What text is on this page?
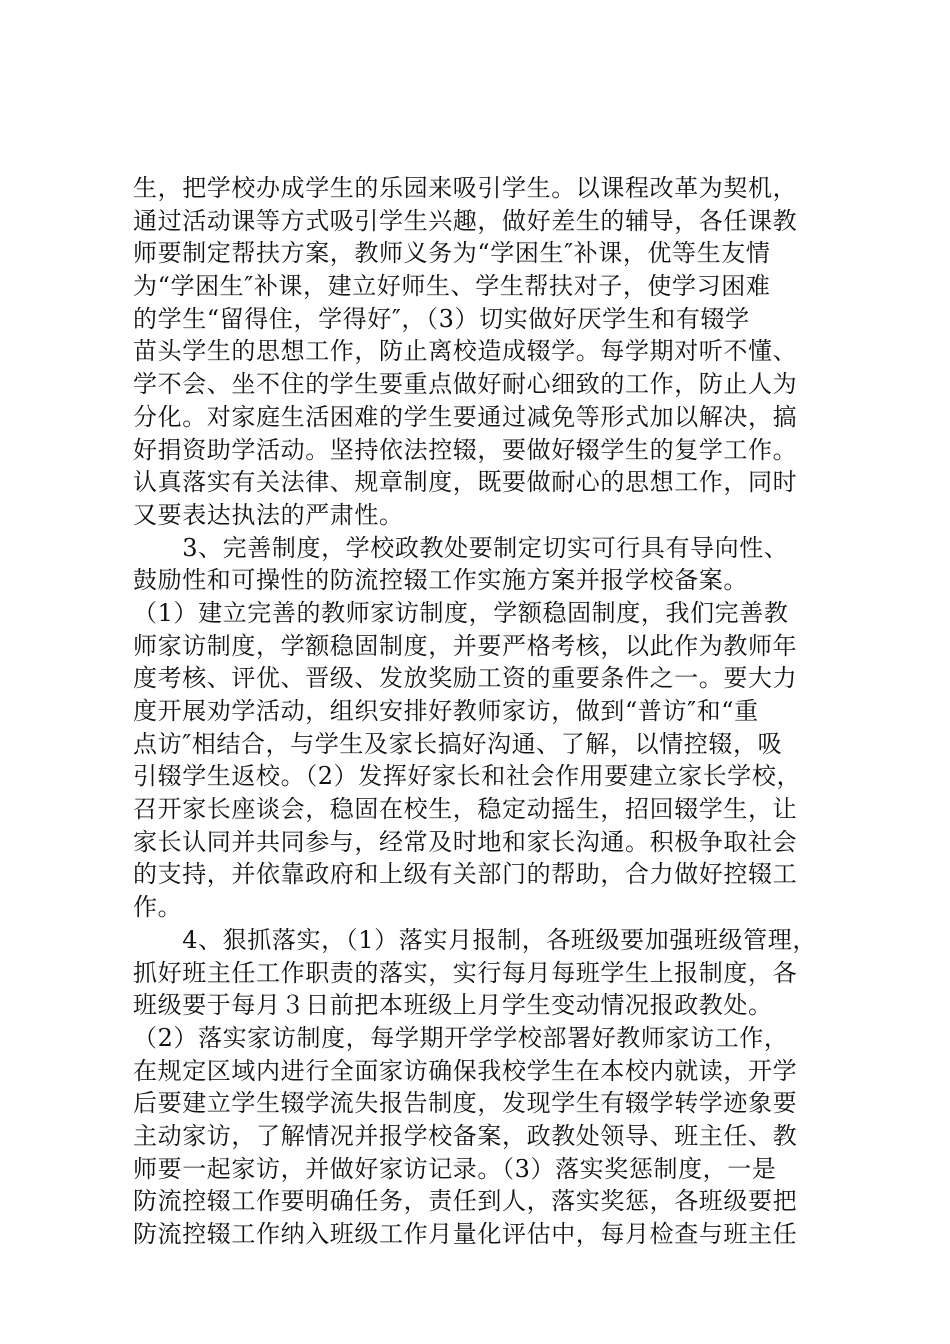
生，把学校办成学生的乐园来吸引学生。以课程改革为契机，
通过活动课等方式吸引学生兴趣，做好差生的辅导，各任课教
师要制定帮扶方案，教师义务为“学困生″补课，优等生友情
为“学困生″补课，建立好师生、学生帮扶对子，使学习困难
的学生“留得住，学得好″，（3）切实做好厌学生和有辍学
苗头学生的思想工作，防止离校造成辍学。每学期对听不懂、
学不会、坐不住的学生要重点做好耐心细致的工作，防止人为
分化。对家庭生活困难的学生要通过减免等形式加以解决，搞
好捐资助学活动。坚持依法控辍，要做好辍学生的复学工作。
认真落实有关法律、规章制度，既要做耐心的思想工作，同时
又要表达执法的严肃性。
　　3、完善制度，学校政教处要制定切实可行具有导向性、
鼓励性和可操性的防流控辍工作实施方案并报学校备案。
（1）建立完善的教师家访制度，学额稳固制度，我们完善教
师家访制度，学额稳固制度，并要严格考核，以此作为教师年
度考核、评优、晋级、发放奖励工资的重要条件之一。要大力
度开展劝学活动，组织安排好教师家访，做到“普访″和“重
点访″相结合，与学生及家长搞好沟通、了解，以情控辍，吸
引辍学生返校。（2）发挥好家长和社会作用要建立家长学校，
召开家长座谈会，稳固在校生，稳定动摇生，招回辍学生，让
家长认同并共同参与，经常及时地和家长沟通。积极争取社会
的支持，并依靠政府和上级有关部门的帮助，合力做好控辍工
作。
　　4、狠抓落实，（1）落实月报制，各班级要加强班级管理，
抓好班主任工作职责的落实，实行每月每班学生上报制度，各
班级要于每月３日前把本班级上月学生变动情况报政教处。
（2）落实家访制度，每学期开学学校部署好教师家访工作，
在规定区域内进行全面家访确保我校学生在本校内就读，开学
后要建立学生辍学流失报告制度，发现学生有辍学转学迹象要
主动家访，了解情况并报学校备案，政教处领导、班主任、教
师要一起家访，并做好家访记录。（3）落实奖惩制度，一是
防流控辍工作要明确任务，责任到人，落实奖惩，各班级要把
防流控辍工作纳入班级工作月量化评估中，每月检查与班主任
